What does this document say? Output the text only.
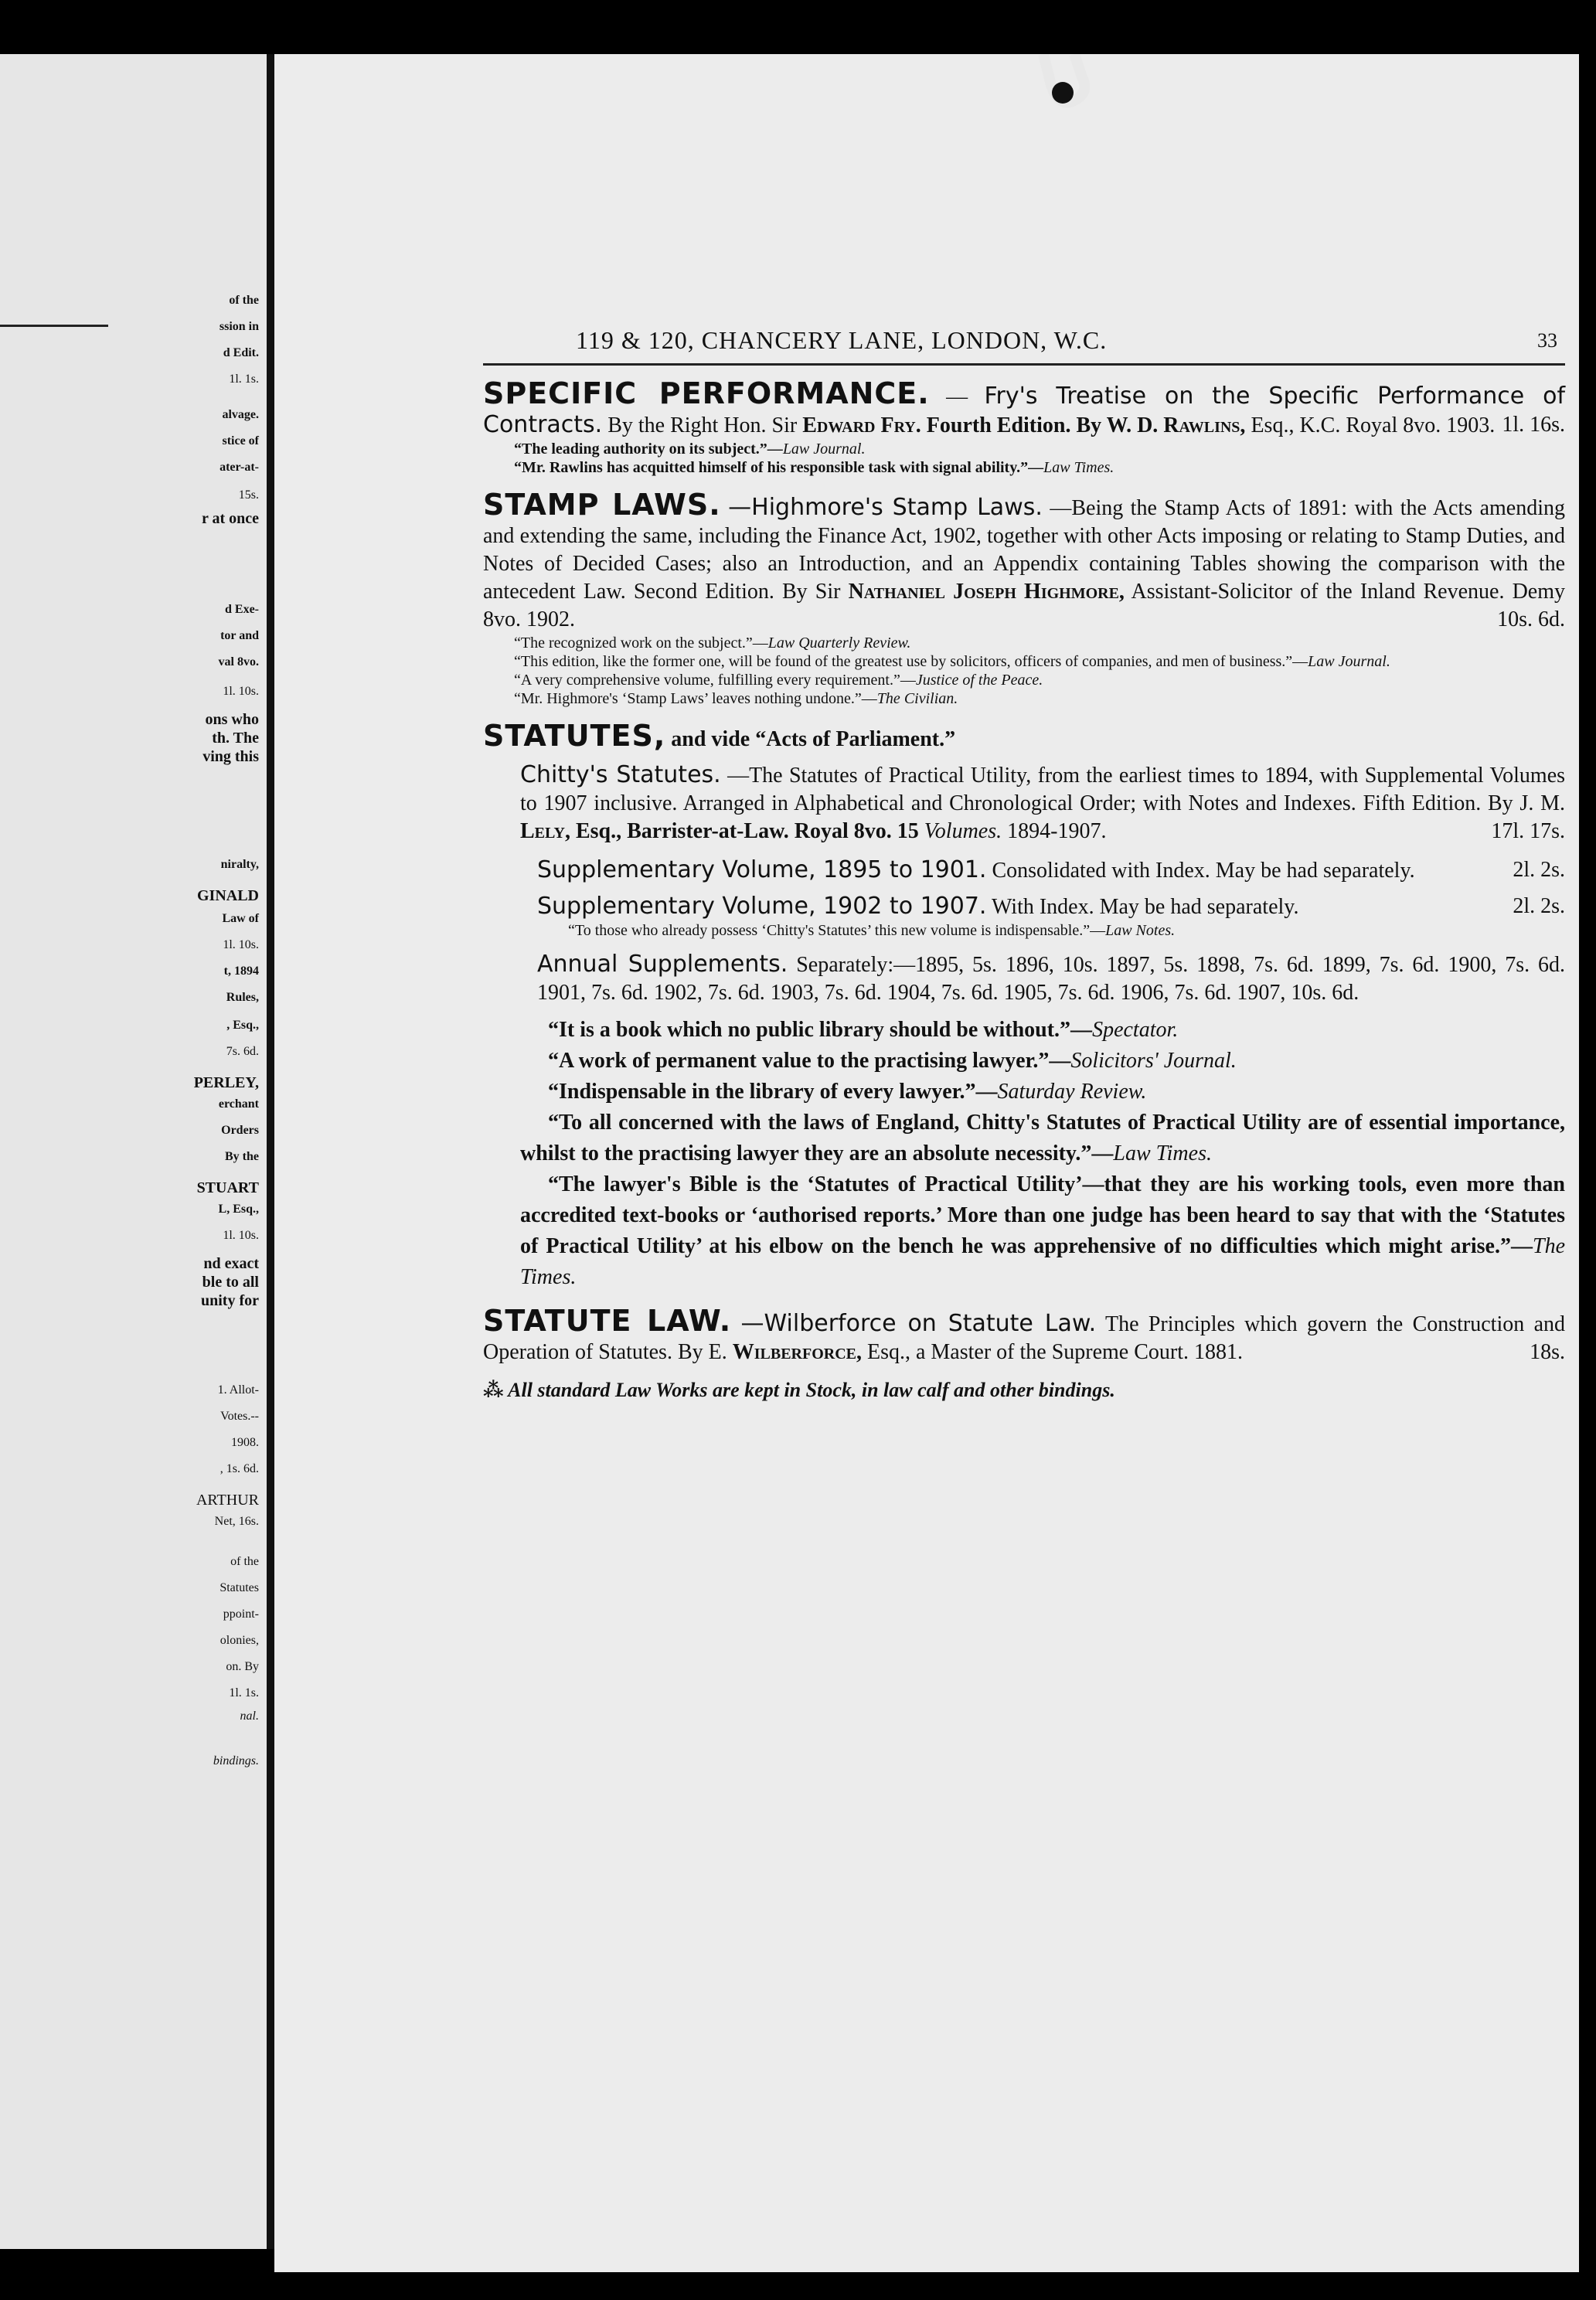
of the
ssion in
d Edit.
1l. 1s.
alvage.
stice of
ater-at-
15s.
r at once
d Exe-
tor and
val 8vo.
1l. 10s.
ons who
th. The
ving this
niralty,
GINALD
Law of
1l. 10s.
t, 1894
Rules,
, Esq.,
7s. 6d.
PERLEY,
erchant
Orders
By the
STUART
L, Esq.,
1l. 10s.
nd exact
ble to all
unity for
1. Allot-
Votes.--
1908.
, 1s. 6d.
ARTHUR
Net, 16s.
of the
Statutes
ppoint-
olonies,
on. By
1l. 1s.
nal.
bindings.
119 & 120, CHANCERY LANE, LONDON, W.C.	33
SPECIFIC PERFORMANCE. — Fry's Treatise on the Specific Performance of Contracts. By the Right Hon. Sir Edward Fry. Fourth Edition. By W. D. Rawlins, Esq., K.C. Royal 8vo. 1903. 1l. 16s.
“The leading authority on its subject.”—Law Journal.
“Mr. Rawlins has acquitted himself of his responsible task with signal ability.”—Law Times.
STAMP LAWS. —Highmore's Stamp Laws. —Being the Stamp Acts of 1891: with the Acts amending and extending the same, including the Finance Act, 1902, together with other Acts imposing or relating to Stamp Duties, and Notes of Decided Cases; also an Introduction, and an Appendix containing Tables showing the comparison with the antecedent Law. Second Edition. By Sir Nathaniel Joseph Highmore, Assistant-Solicitor of the Inland Revenue. Demy 8vo. 1902.	10s. 6d.
“The recognized work on the subject.”—Law Quarterly Review.
“This edition, like the former one, will be found of the greatest use by solicitors, officers of companies, and men of business.”—Law Journal.
“A very comprehensive volume, fulfilling every requirement.”—Justice of the Peace.
“Mr. Highmore's ‘Stamp Laws’ leaves nothing undone.”—The Civilian.
STATUTES, and vide “Acts of Parliament.”
Chitty's Statutes. —The Statutes of Practical Utility, from the earliest times to 1894, with Supplemental Volumes to 1907 inclusive. Arranged in Alphabetical and Chronological Order; with Notes and Indexes. Fifth Edition. By J. M. Lely, Esq., Barrister-at-Law. Royal 8vo. 15 Volumes. 1894-1907.	17l. 17s.
Supplementary Volume, 1895 to 1901. Consolidated with Index. May be had separately.	2l. 2s.
Supplementary Volume, 1902 to 1907. With Index. May be had separately.	2l. 2s.
“To those who already possess ‘Chitty's Statutes’ this new volume is indispensable.”—Law Notes.
Annual Supplements. Separately:—1895, 5s. 1896, 10s. 1897, 5s. 1898, 7s. 6d. 1899, 7s. 6d. 1900, 7s. 6d. 1901, 7s. 6d. 1902, 7s. 6d. 1903, 7s. 6d. 1904, 7s. 6d. 1905, 7s. 6d. 1906, 7s. 6d. 1907, 10s. 6d.
“It is a book which no public library should be without.”—Spectator.
“A work of permanent value to the practising lawyer.”—Solicitors' Journal.
“Indispensable in the library of every lawyer.”—Saturday Review.
“To all concerned with the laws of England, Chitty's Statutes of Practical Utility are of essential importance, whilst to the practising lawyer they are an absolute necessity.”—Law Times.
“The lawyer's Bible is the ‘Statutes of Practical Utility’—that they are his working tools, even more than accredited text-books or ‘authorised reports.’ More than one judge has been heard to say that with the ‘Statutes of Practical Utility’ at his elbow on the bench he was apprehensive of no difficulties which might arise.”—The Times.
STATUTE LAW. —Wilberforce on Statute Law. The Principles which govern the Construction and Operation of Statutes. By E. Wilberforce, Esq., a Master of the Supreme Court. 1881.	18s.
⁂ All standard Law Works are kept in Stock, in law calf and other bindings.
